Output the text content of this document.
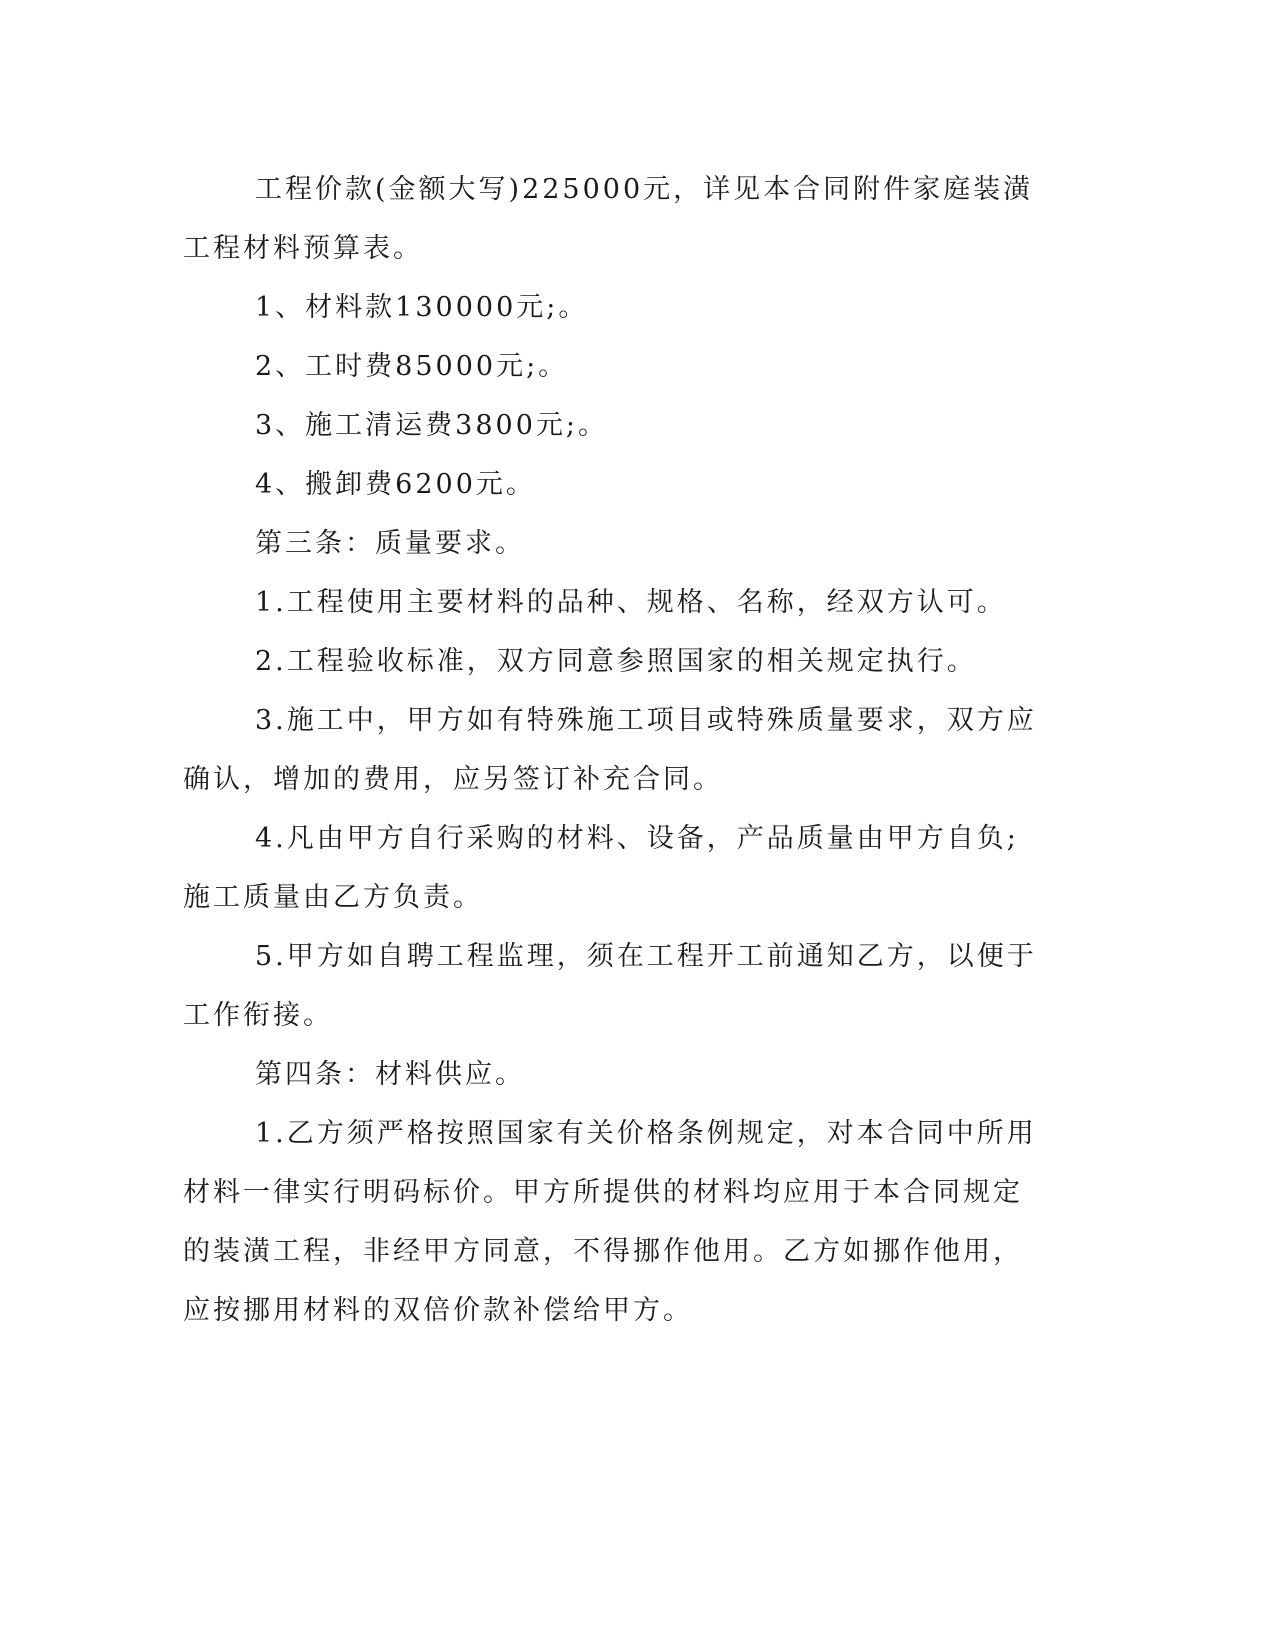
工程价款(金额大写)225000元，详见本合同附件家庭装潢工程材料预算表。

1、材料款130000元;。

2、工时费85000元;。

3、施工清运费3800元;。

4、搬卸费6200元。

第三条：质量要求。

1.工程使用主要材料的品种、规格、名称，经双方认可。

2.工程验收标准，双方同意参照国家的相关规定执行。

3.施工中，甲方如有特殊施工项目或特殊质量要求，双方应确认，增加的费用，应另签订补充合同。

4.凡由甲方自行采购的材料、设备，产品质量由甲方自负;施工质量由乙方负责。

5.甲方如自聘工程监理，须在工程开工前通知乙方，以便于工作衔接。

第四条：材料供应。

1.乙方须严格按照国家有关价格条例规定，对本合同中所用材料一律实行明码标价。甲方所提供的材料均应用于本合同规定的装潢工程，非经甲方同意，不得挪作他用。乙方如挪作他用，应按挪用材料的双倍价款补偿给甲方。
